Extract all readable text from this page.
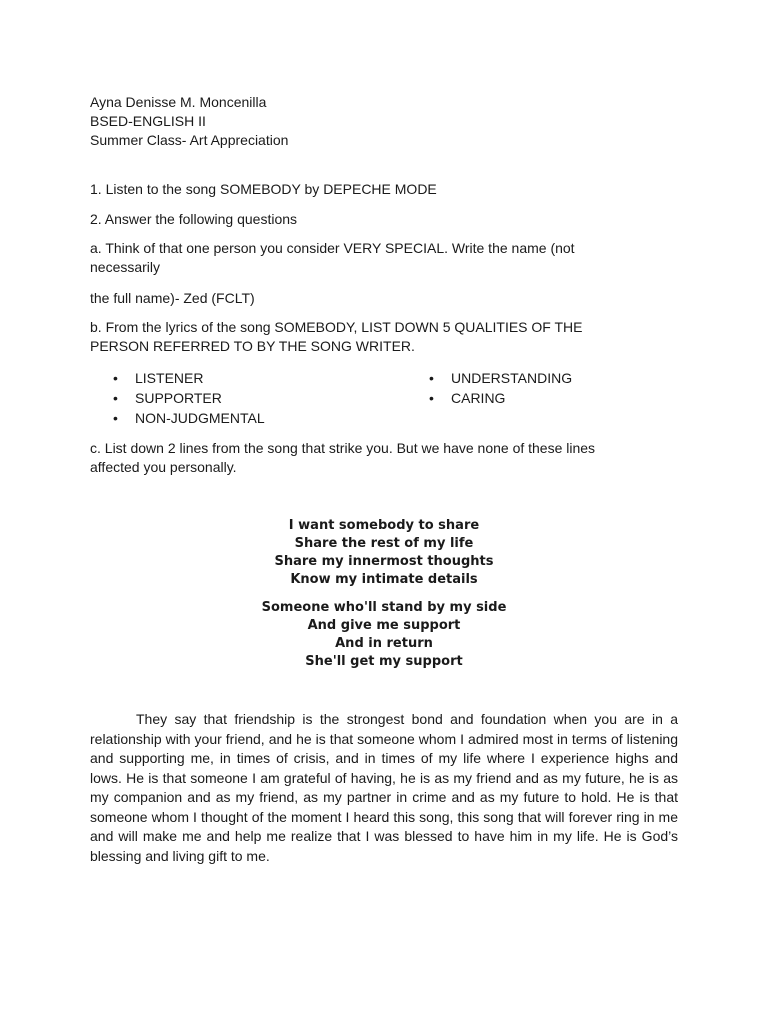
Ayna Denisse M. Moncenilla

BSED-ENGLISH II

Summer Class- Art Appreciation

1. Listen to the song SOMEBODY by DEPECHE MODE

2. Answer the following questions

a. Think of that one person you consider VERY SPECIAL. Write the name (not

necessarily

the full name)- Zed (FCLT)

b. From the lyrics of the song SOMEBODY, LIST DOWN 5 QUALITIES OF THE

PERSON REFERRED TO BY THE SONG WRITER.

• LISTENER	• UNDERSTANDING
• SUPPORTER	• CARING
• NON-JUDGMENTAL

c. List down 2 lines from the song that strike you. But we have none of these lines

affected you personally.

I want somebody to share
Share the rest of my life
Share my innermost thoughts
Know my intimate details
Someone who'll stand by my side
And give me support
And in return
She'll get my support

They say that friendship is the strongest bond and foundation when you are in a relationship with your friend, and he is that someone whom I admired most in terms of listening and supporting me, in times of crisis, and in times of my life where I experience highs and lows. He is that someone I am grateful of having, he is as my friend and as my future, he is as my companion and as my friend, as my partner in crime and as my future to hold. He is that someone whom I thought of the moment I heard this song, this song that will forever ring in me and will make me and help me realize that I was blessed to have him in my life. He is God’s blessing and living gift to me.
